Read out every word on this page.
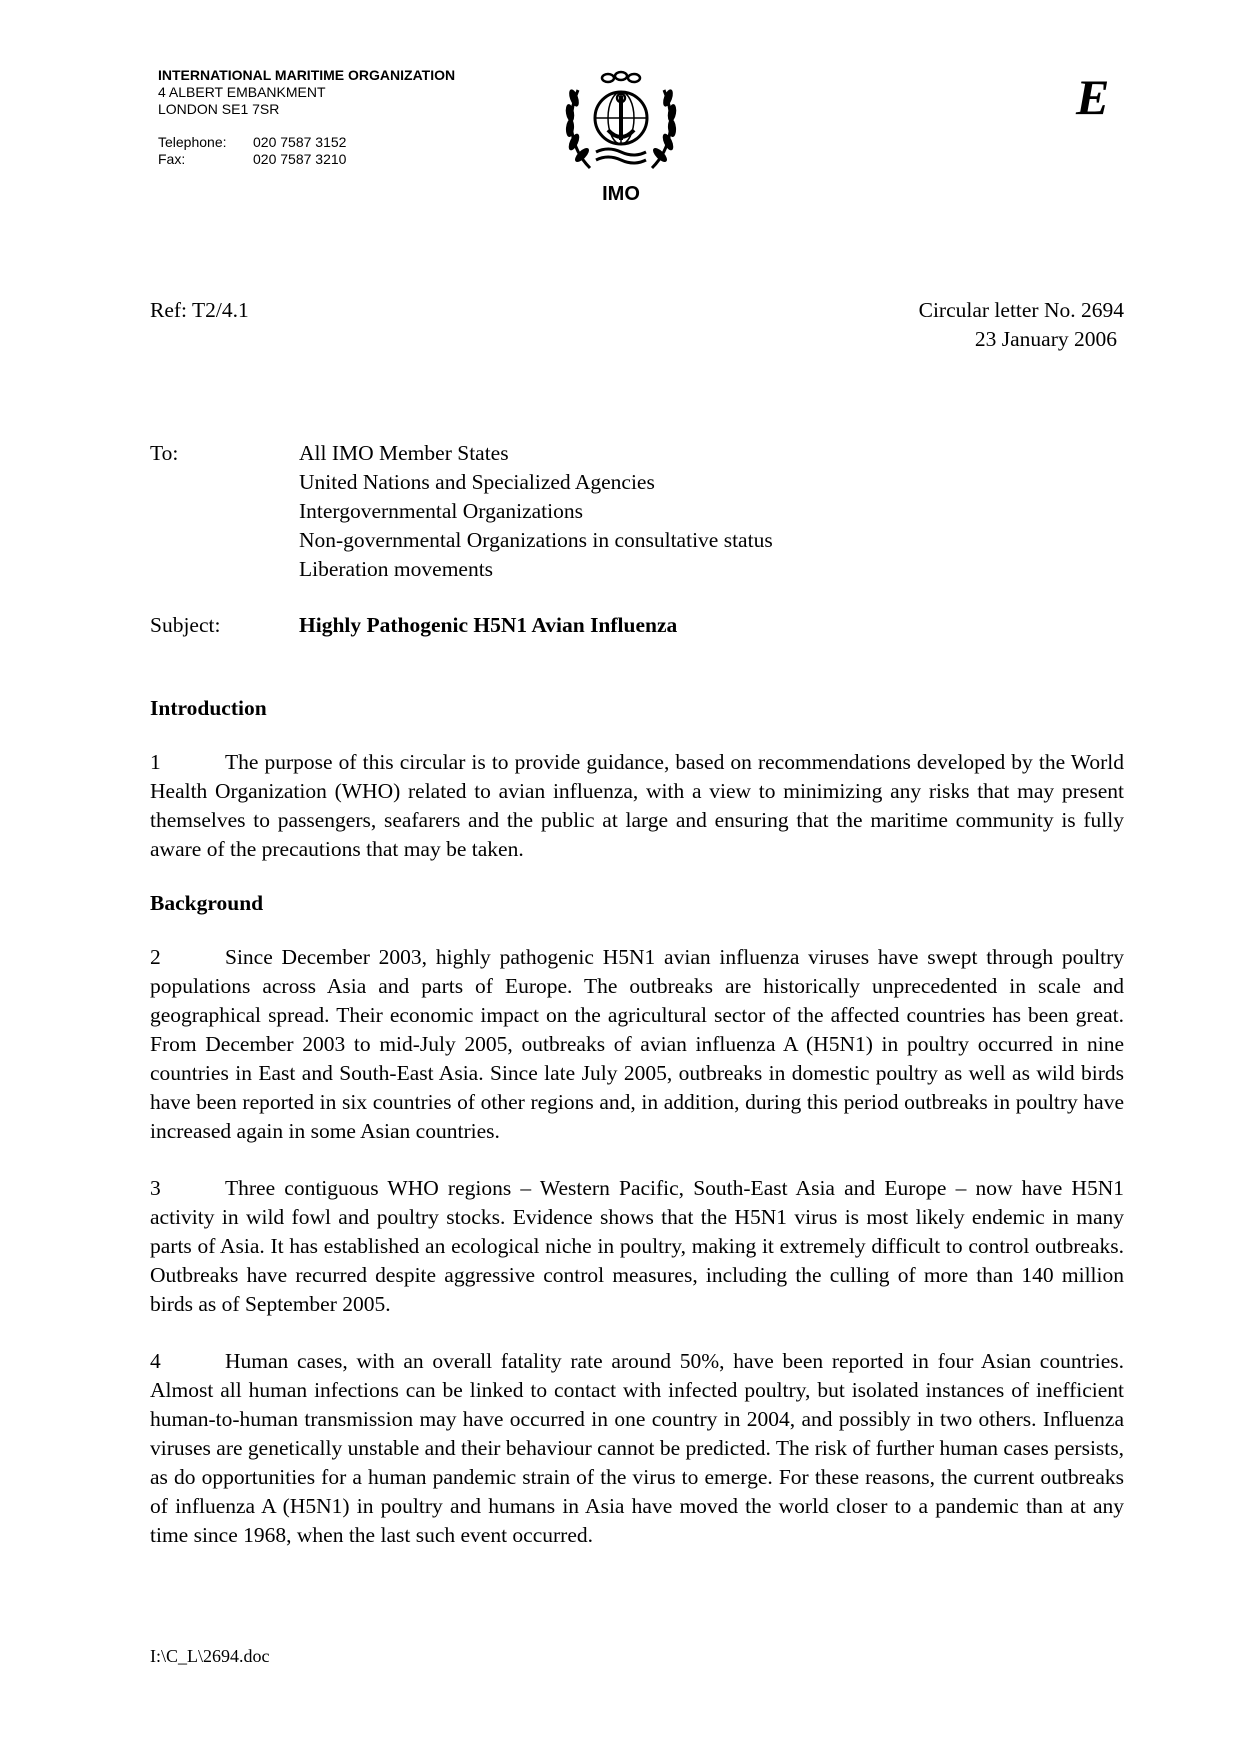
INTERNATIONAL MARITIME ORGANIZATION
4 ALBERT EMBANKMENT
LONDON SE1 7SR
Telephone:	020 7587 3152
Fax:	020 7587 3210
IMO
E
Ref: T2/4.1	Circular letter No. 2694
23 January 2006
To:	All IMO Member States
United Nations and Specialized Agencies
Intergovernmental Organizations
Non-governmental Organizations in consultative status
Liberation movements
Subject:	Highly Pathogenic H5N1 Avian Influenza

Introduction

1	The purpose of this circular is to provide guidance, based on recommendations developed by the World Health Organization (WHO) related to avian influenza, with a view to minimizing any risks that may present themselves to passengers, seafarers and the public at large and ensuring that the maritime community is fully aware of the precautions that may be taken.

Background

2	Since December 2003, highly pathogenic H5N1 avian influenza viruses have swept through poultry populations across Asia and parts of Europe. The outbreaks are historically unprecedented in scale and geographical spread. Their economic impact on the agricultural sector of the affected countries has been great. From December 2003 to mid-July 2005, outbreaks of avian influenza A (H5N1) in poultry occurred in nine countries in East and South-East Asia. Since late July 2005, outbreaks in domestic poultry as well as wild birds have been reported in six countries of other regions and, in addition, during this period outbreaks in poultry have increased again in some Asian countries.

3	Three contiguous WHO regions – Western Pacific, South-East Asia and Europe – now have H5N1 activity in wild fowl and poultry stocks. Evidence shows that the H5N1 virus is most likely endemic in many parts of Asia. It has established an ecological niche in poultry, making it extremely difficult to control outbreaks. Outbreaks have recurred despite aggressive control measures, including the culling of more than 140 million birds as of September 2005.

4	Human cases, with an overall fatality rate around 50%, have been reported in four Asian countries. Almost all human infections can be linked to contact with infected poultry, but isolated instances of inefficient human-to-human transmission may have occurred in one country in 2004, and possibly in two others. Influenza viruses are genetically unstable and their behaviour cannot be predicted. The risk of further human cases persists, as do opportunities for a human pandemic strain of the virus to emerge. For these reasons, the current outbreaks of influenza A (H5N1) in poultry and humans in Asia have moved the world closer to a pandemic than at any time since 1968, when the last such event occurred.

I:\C_L\2694.doc
